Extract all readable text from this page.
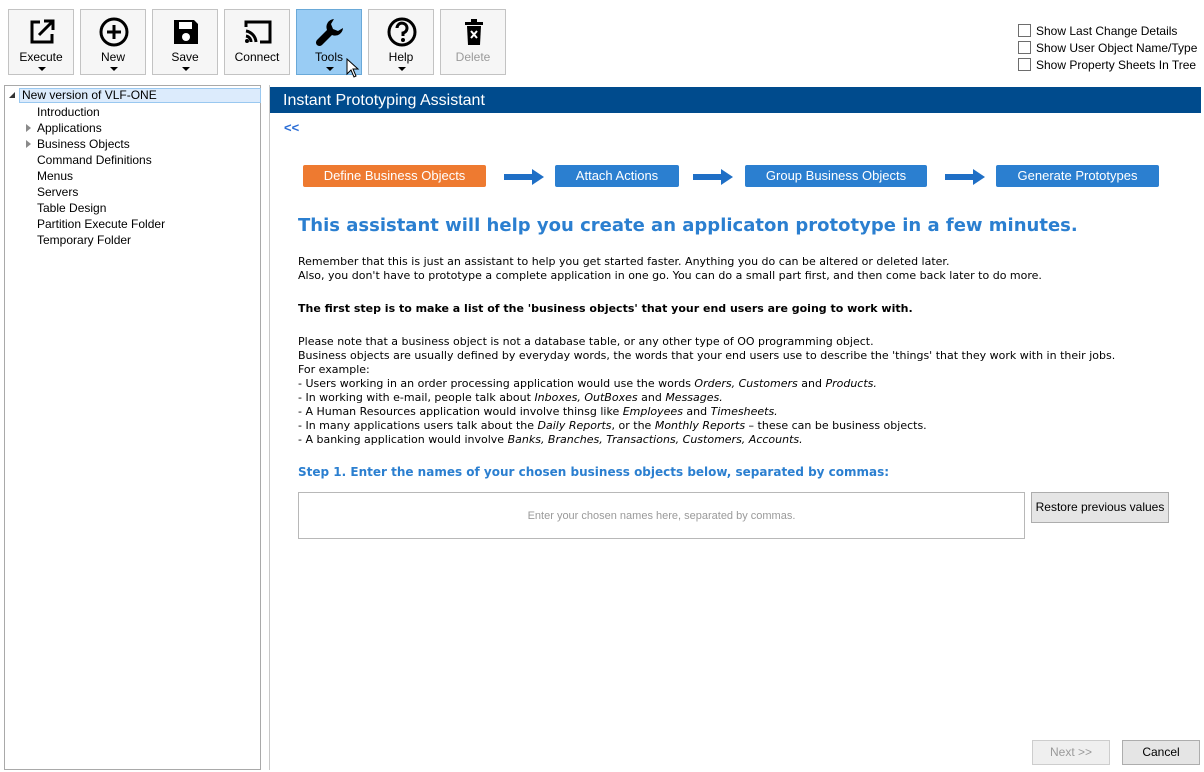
Execute	New	Save	Connect	Tools	Help	Delete
Show Last Change Details
Show User Object Name/Type
Show Property Sheets In Tree
New version of VLF-ONE
Introduction
Applications
Business Objects
Command Definitions
Menus
Servers
Table Design
Partition Execute Folder
Temporary Folder
Instant Prototyping Assistant
<<
Define Business Objects	Attach Actions	Group Business Objects	Generate Prototypes
This assistant will help you create an applicaton prototype in a few minutes.
Remember that this is just an assistant to help you get started faster. Anything you do can be altered or deleted later.
Also, you don't have to prototype a complete application in one go. You can do a small part first, and then come back later to do more.
The first step is to make a list of the 'business objects' that your end users are going to work with.
Please note that a business object is not a database table, or any other type of OO programming object.
Business objects are usually defined by everyday words, the words that your end users use to describe the 'things' that they work with in their jobs.
For example:
- Users working in an order processing application would use the words Orders, Customers and Products.
- In working with e-mail, people talk about Inboxes, OutBoxes and Messages.
- A Human Resources application would involve thinsg like Employees and Timesheets.
- In many applications users talk about the Daily Reports, or the Monthly Reports – these can be business objects.
- A banking application would involve Banks, Branches, Transactions, Customers, Accounts.
Step 1. Enter the names of your chosen business objects below, separated by commas:
Enter your chosen names here, separated by commas.
Restore previous values
Next >>	Cancel
